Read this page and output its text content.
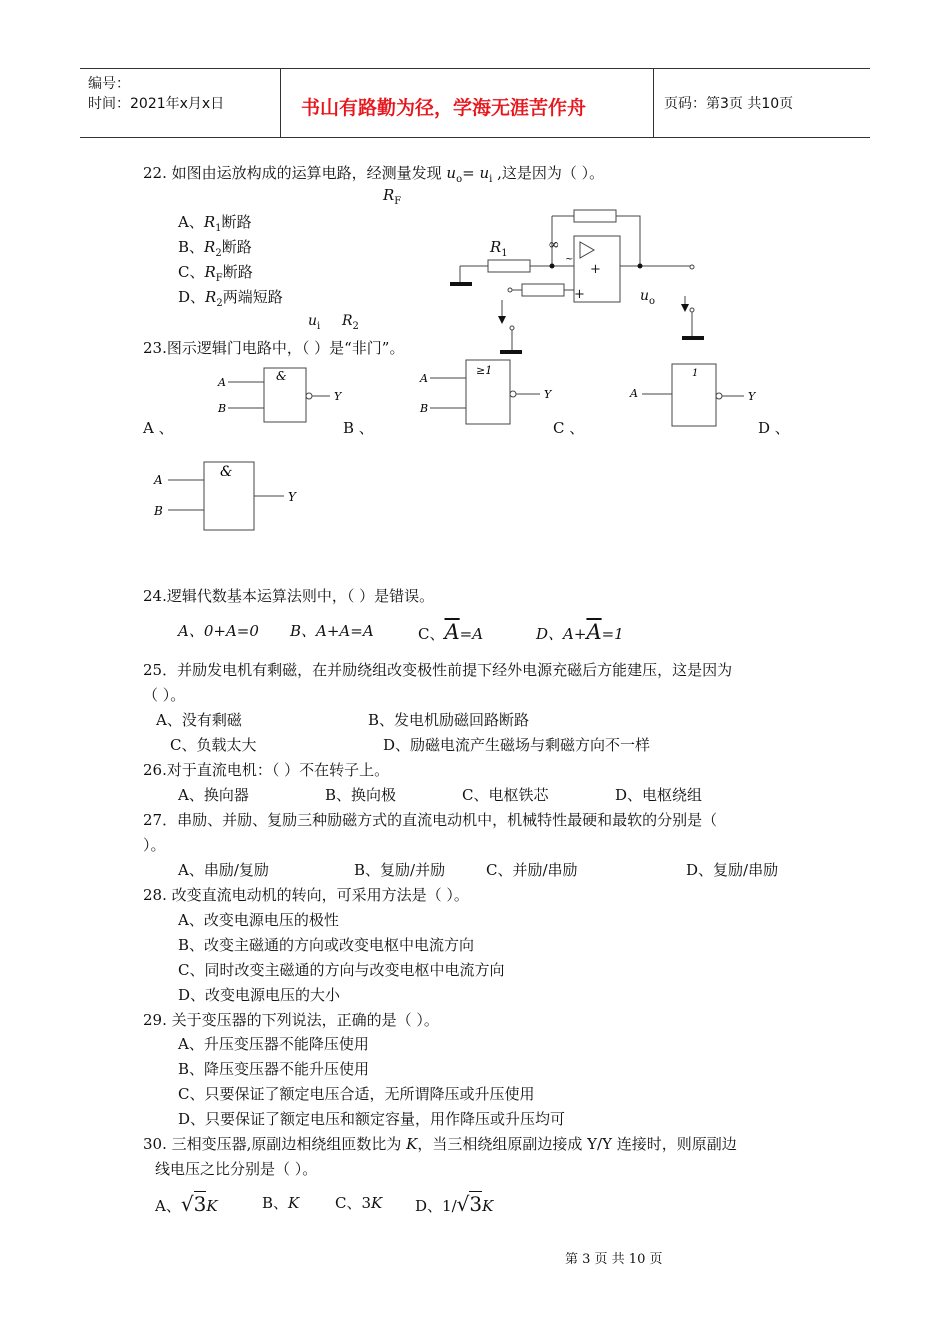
编号：
时间：2021年x月x日	书山有路勤为径，学海无涯苦作舟	页码：第3页 共10页
22. 如图由运放构成的运算电路，经测量发现 $u_o= u_i$ ,这是因为（ ）。
A、$R_1$断路
B、$R_2$断路
C、$R_F$断路
D、$R_2$两端短路
$R_F$
$R_1$
∞
+
~
+	$u_o$
$u_i$ $R_2$
23.图示逻辑门电路中，（ ）是“非门”。
A
B
&
Y
A
B
≥1
Y	A
1
Y
A 、	B 、	C 、	D 、
A
B
&
Y
24.逻辑代数基本运算法则中，（ ）是错误。
A、0+A=0 B、A+A=A	C、$\overline{A}=A$	D、$A+\overline{A}=1$
25．并励发电机有剩磁，在并励绕组改变极性前提下经外电源充磁后方能建压，这是因为
（ ）。
A、没有剩磁	B、发电机励磁回路断路
C、负载太大	D、励磁电流产生磁场与剩磁方向不一样
26.对于直流电机：（ ）不在转子上。
A、换向器	B、换向极	C、电枢铁芯	D、电枢绕组
27．串励、并励、复励三种励磁方式的直流电动机中，机械特性最硬和最软的分别是（
）。
A、串励/复励	B、复励/并励	C、并励/串励	D、复励/串励
28. 改变直流电动机的转向，可采用方法是（ ）。
A、改变电源电压的极性
B、改变主磁通的方向或改变电枢中电流方向
C、同时改变主磁通的方向与改变电枢中电流方向
D、改变电源电压的大小
29. 关于变压器的下列说法，正确的是（ ）。
A、升压变压器不能降压使用
B、降压变压器不能升压使用
C、只要保证了额定电压合适，无所谓降压或升压使用
D、只要保证了额定电压和额定容量，用作降压或升压均可
30. 三相变压器,原副边相绕组匝数比为 K，当三相绕组原副边接成 Y/Y 连接时，则原副边
线电压之比分别是（ ）。
A、√3K	B、K C、3K D、1/√3K
第 3 页 共 10 页
